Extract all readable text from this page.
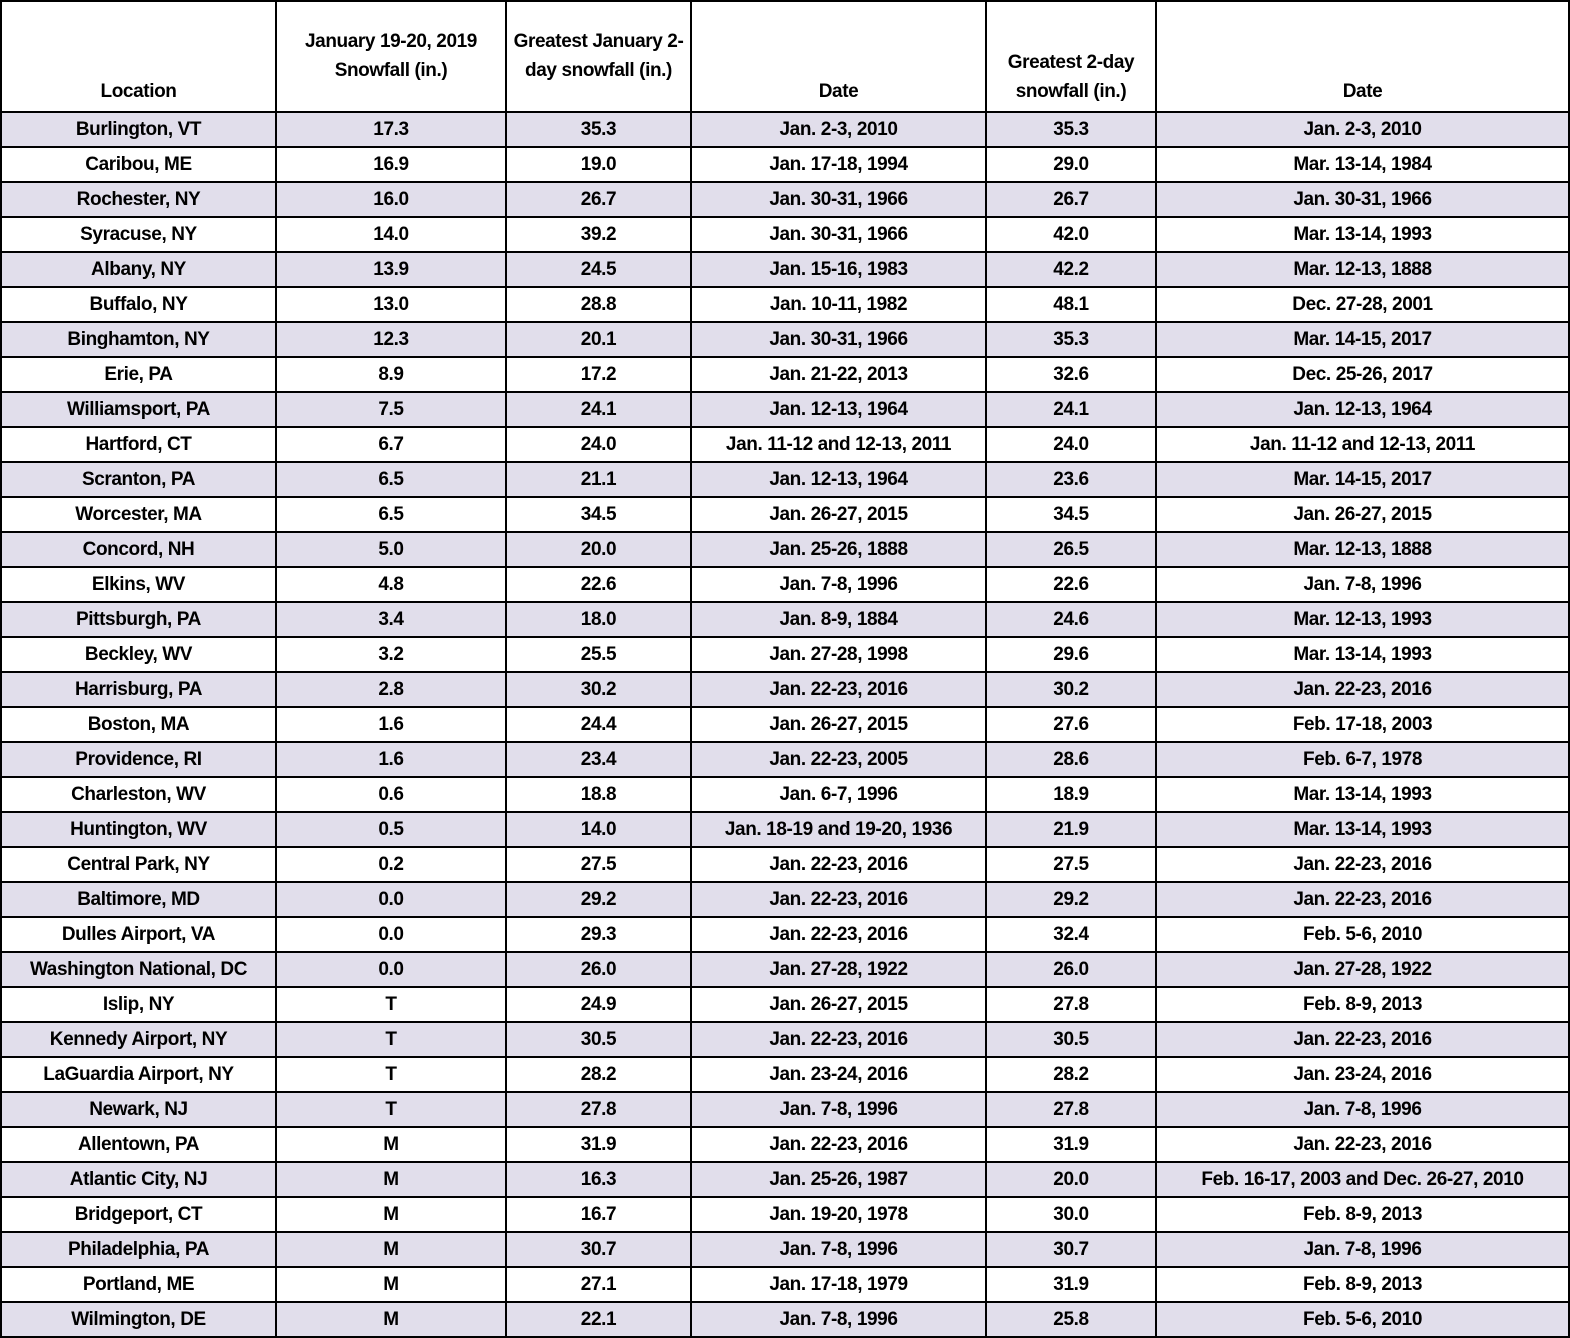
Location	January 19-20, 2019 Snowfall (in.)	Greatest January 2-day snowfall (in.)	Date	Greatest 2-day snowfall (in.)	Date
Burlington, VT	17.3	35.3	Jan. 2-3, 2010	35.3	Jan. 2-3, 2010
Caribou, ME	16.9	19.0	Jan. 17-18, 1994	29.0	Mar. 13-14, 1984
Rochester, NY	16.0	26.7	Jan. 30-31, 1966	26.7	Jan. 30-31, 1966
Syracuse, NY	14.0	39.2	Jan. 30-31, 1966	42.0	Mar. 13-14, 1993
Albany, NY	13.9	24.5	Jan. 15-16, 1983	42.2	Mar. 12-13, 1888
Buffalo, NY	13.0	28.8	Jan. 10-11, 1982	48.1	Dec. 27-28, 2001
Binghamton, NY	12.3	20.1	Jan. 30-31, 1966	35.3	Mar. 14-15, 2017
Erie, PA	8.9	17.2	Jan. 21-22, 2013	32.6	Dec. 25-26, 2017
Williamsport, PA	7.5	24.1	Jan. 12-13, 1964	24.1	Jan. 12-13, 1964
Hartford, CT	6.7	24.0	Jan. 11-12 and 12-13, 2011	24.0	Jan. 11-12 and 12-13, 2011
Scranton, PA	6.5	21.1	Jan. 12-13, 1964	23.6	Mar. 14-15, 2017
Worcester, MA	6.5	34.5	Jan. 26-27, 2015	34.5	Jan. 26-27, 2015
Concord, NH	5.0	20.0	Jan. 25-26, 1888	26.5	Mar. 12-13, 1888
Elkins, WV	4.8	22.6	Jan. 7-8, 1996	22.6	Jan. 7-8, 1996
Pittsburgh, PA	3.4	18.0	Jan. 8-9, 1884	24.6	Mar. 12-13, 1993
Beckley, WV	3.2	25.5	Jan. 27-28, 1998	29.6	Mar. 13-14, 1993
Harrisburg, PA	2.8	30.2	Jan. 22-23, 2016	30.2	Jan. 22-23, 2016
Boston, MA	1.6	24.4	Jan. 26-27, 2015	27.6	Feb. 17-18, 2003
Providence, RI	1.6	23.4	Jan. 22-23, 2005	28.6	Feb. 6-7, 1978
Charleston, WV	0.6	18.8	Jan. 6-7, 1996	18.9	Mar. 13-14, 1993
Huntington, WV	0.5	14.0	Jan. 18-19 and 19-20, 1936	21.9	Mar. 13-14, 1993
Central Park, NY	0.2	27.5	Jan. 22-23, 2016	27.5	Jan. 22-23, 2016
Baltimore, MD	0.0	29.2	Jan. 22-23, 2016	29.2	Jan. 22-23, 2016
Dulles Airport, VA	0.0	29.3	Jan. 22-23, 2016	32.4	Feb. 5-6, 2010
Washington National, DC	0.0	26.0	Jan. 27-28, 1922	26.0	Jan. 27-28, 1922
Islip, NY	T	24.9	Jan. 26-27, 2015	27.8	Feb. 8-9, 2013
Kennedy Airport, NY	T	30.5	Jan. 22-23, 2016	30.5	Jan. 22-23, 2016
LaGuardia Airport, NY	T	28.2	Jan. 23-24, 2016	28.2	Jan. 23-24, 2016
Newark, NJ	T	27.8	Jan. 7-8, 1996	27.8	Jan. 7-8, 1996
Allentown, PA	M	31.9	Jan. 22-23, 2016	31.9	Jan. 22-23, 2016
Atlantic City, NJ	M	16.3	Jan. 25-26, 1987	20.0	Feb. 16-17, 2003 and Dec. 26-27, 2010
Bridgeport, CT	M	16.7	Jan. 19-20, 1978	30.0	Feb. 8-9, 2013
Philadelphia, PA	M	30.7	Jan. 7-8, 1996	30.7	Jan. 7-8, 1996
Portland, ME	M	27.1	Jan. 17-18, 1979	31.9	Feb. 8-9, 2013
Wilmington, DE	M	22.1	Jan. 7-8, 1996	25.8	Feb. 5-6, 2010
